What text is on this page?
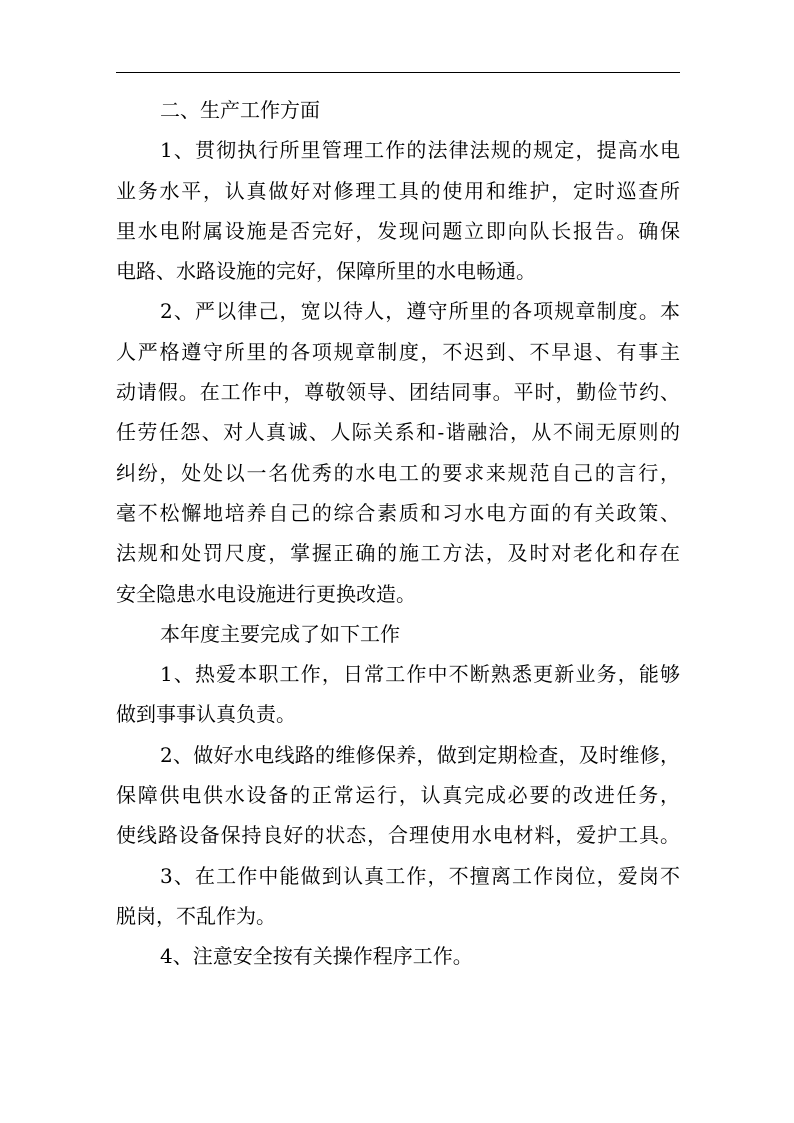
二、生产工作方面
1、贯彻执行所里管理工作的法律法规的规定，提高水电
业务水平，认真做好对修理工具的使用和维护，定时巡查所
里水电附属设施是否完好，发现问题立即向队长报告。确保
电路、水路设施的完好，保障所里的水电畅通。
2、严以律己，宽以待人，遵守所里的各项规章制度。本
人严格遵守所里的各项规章制度，不迟到、不早退、有事主
动请假。在工作中，尊敬领导、团结同事。平时，勤俭节约、
任劳任怨、对人真诚、人际关系和-谐融洽，从不闹无原则的
纠纷，处处以一名优秀的水电工的要求来规范自己的言行，
毫不松懈地培养自己的综合素质和习水电方面的有关政策、
法规和处罚尺度，掌握正确的施工方法，及时对老化和存在
安全隐患水电设施进行更换改造。
本年度主要完成了如下工作
1、热爱本职工作，日常工作中不断熟悉更新业务，能够
做到事事认真负责。
2、做好水电线路的维修保养，做到定期检查，及时维修，
保障供电供水设备的正常运行，认真完成必要的改进任务，
使线路设备保持良好的状态，合理使用水电材料，爱护工具。
3、在工作中能做到认真工作，不擅离工作岗位，爱岗不
脱岗，不乱作为。
4、注意安全按有关操作程序工作。
